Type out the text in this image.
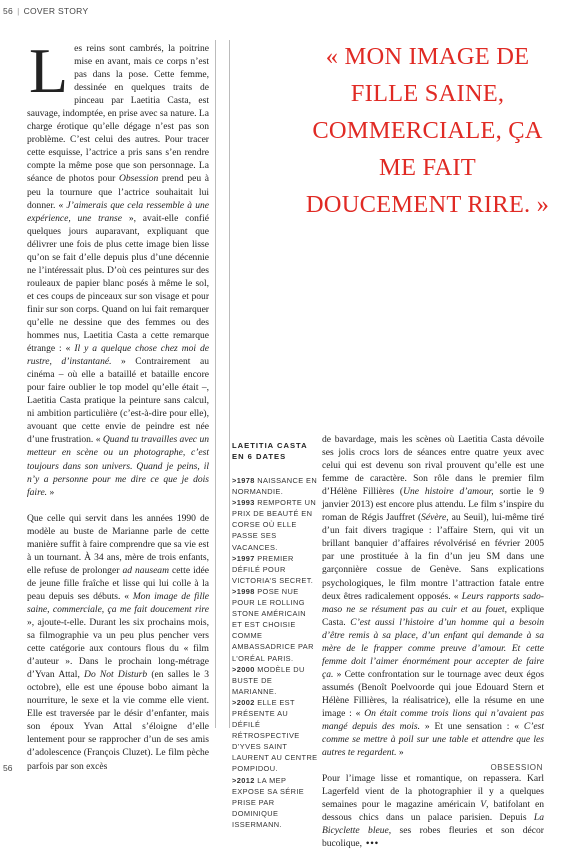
56 | COVER STORY
L es reins sont cambrés, la poitrine mise en avant, mais ce corps n’est pas dans la pose. Cette femme, dessinée en quelques traits de pinceau par Laetitia Casta, est sauvage, indomptée, en prise avec sa nature. La charge érotique qu’elle dégage n’est pas son problème. C’est celui des autres. Pour tracer cette esquisse, l’actrice a pris sans s’en rendre compte la même pose que son personnage. La séance de photos pour Obsession prend peu à peu la tournure que l’actrice souhaitait lui donner. « J’aimerais que cela ressemble à une expérience, une transe », avait-elle confié quelques jours auparavant, expliquant que délivrer une fois de plus cette image bien lisse qu’on se fait d’elle depuis plus d’une décennie ne l’intéressait plus. D’où ces peintures sur des rouleaux de papier blanc posés à même le sol, et ces coups de pinceaux sur son visage et pour finir sur son corps. Quand on lui fait remarquer qu’elle ne dessine que des femmes ou des hommes nus, Laetitia Casta a cette remarque étrange : « Il y a quelque chose chez moi de rustre, d’instantané. » Contrairement au cinéma – où elle a bataillé et bataille encore pour faire oublier le top model qu’elle était –, Laetitia Casta pratique la peinture sans calcul, ni ambition particulière (c’est-à-dire pour elle), avouant que cette envie de peindre est née d’une frustration. « Quand tu travailles avec un metteur en scène ou un photographe, c’est toujours dans son univers. Quand je peins, il n’y a personne pour me dire ce que je dois faire. »

Que celle qui servit dans les années 1990 de modèle au buste de Marianne parle de cette manière suffit à faire comprendre que sa vie est à un tournant. À 34 ans, mère de trois enfants, elle refuse de prolonger ad nauseam cette idée de jeune fille fraîche et lisse qui lui colle à la peau depuis ses débuts. « Mon image de fille saine, commerciale, ça me fait doucement rire », ajoute-t-elle. Durant les six prochains mois, sa filmographie va un peu plus pencher vers cette catégorie aux contours flous du « film d’auteur ». Dans le prochain long-métrage d’Yvan Attal, Do Not Disturb (en salles le 3 octobre), elle est une épouse bobo aimant la nourriture, le sexe et la vie comme elle vient. Elle est traversée par le désir d’enfanter, mais son époux Yvan Attal s’éloigne d’elle lentement pour se rapprocher d’un de ses amis d’adolescence (François Cluzet). Le film pèche parfois par son excès

« MON IMAGE DE FILLE SAINE, COMMERCIALE, ÇA ME FAIT DOUCEMENT RIRE. »
LAETITIA CASTA EN 6 DATES
>1978 NAISSANCE EN NORMANDIE.
>1993 REMPORTE UN PRIX DE BEAUTÉ EN CORSE OÙ ELLE PASSE SES VACANCES.
>1997 PREMIER DÉFILÉ POUR VICTORIA’S SECRET.
>1998 POSE NUE POUR LE ROLLING STONE AMÉRICAIN ET EST CHOISIE COMME AMBASSADRICE PAR L’ORÉAL PARIS.
>2000 MODÈLE DU BUSTE DE MARIANNE.
>2002 ELLE EST PRÉSENTE AU DÉFILÉ RÉTROSPECTIVE D’YVES SAINT LAURENT AU CENTRE POMPIDOU.
>2012 LA MEP EXPOSE SA SÉRIE PRISE PAR DOMINIQUE ISSERMANN.

de bavardage, mais les scènes où Laetitia Casta dévoile ses jolis crocs lors de séances entre quatre yeux avec celui qui est devenu son rival prouvent qu’elle est une femme de caractère. Son rôle dans le premier film d’Hélène Fillières (Une histoire d’amour, sortie le 9 janvier 2013) est encore plus attendu. Le film s’inspire du roman de Régis Jauffret (Sévère, au Seuil), lui-même tiré d’un fait divers tragique : l’affaire Stern, qui vit un brillant banquier d’affaires révolvérisé en février 2005 par une prostituée à la fin d’un jeu SM dans une garçonnière cossue de Genève. Sans explications psychologiques, le film montre l’attraction fatale entre deux êtres radicalement opposés. « Leurs rapports sado-maso ne se résument pas au cuir et au fouet, explique Casta. C’est aussi l’histoire d’un homme qui a besoin d’être remis à sa place, d’un enfant qui demande à sa mère de le frapper comme preuve d’amour. Et cette femme doit l’aimer énormément pour accepter de faire ça. » Cette confrontation sur le tournage avec deux égos assumés (Benoît Poelvoorde qui joue Edouard Stern et Hélène Fillières, la réalisatrice), elle la résume en une image : « On était comme trois lions qui n’avaient pas mangé depuis des mois. » Et une sensation : « C’est comme se mettre à poil sur une table et attendre que les autres te regardent. »

Pour l’image lisse et romantique, on repassera. Karl Lagerfeld vient de la photographier il y a quelques semaines pour le magazine américain V, batifolant en dessous chics dans un palace parisien. Depuis La Bicyclette bleue, ses robes fleuries et son décor bucolique, •••

56	OBSESSION
